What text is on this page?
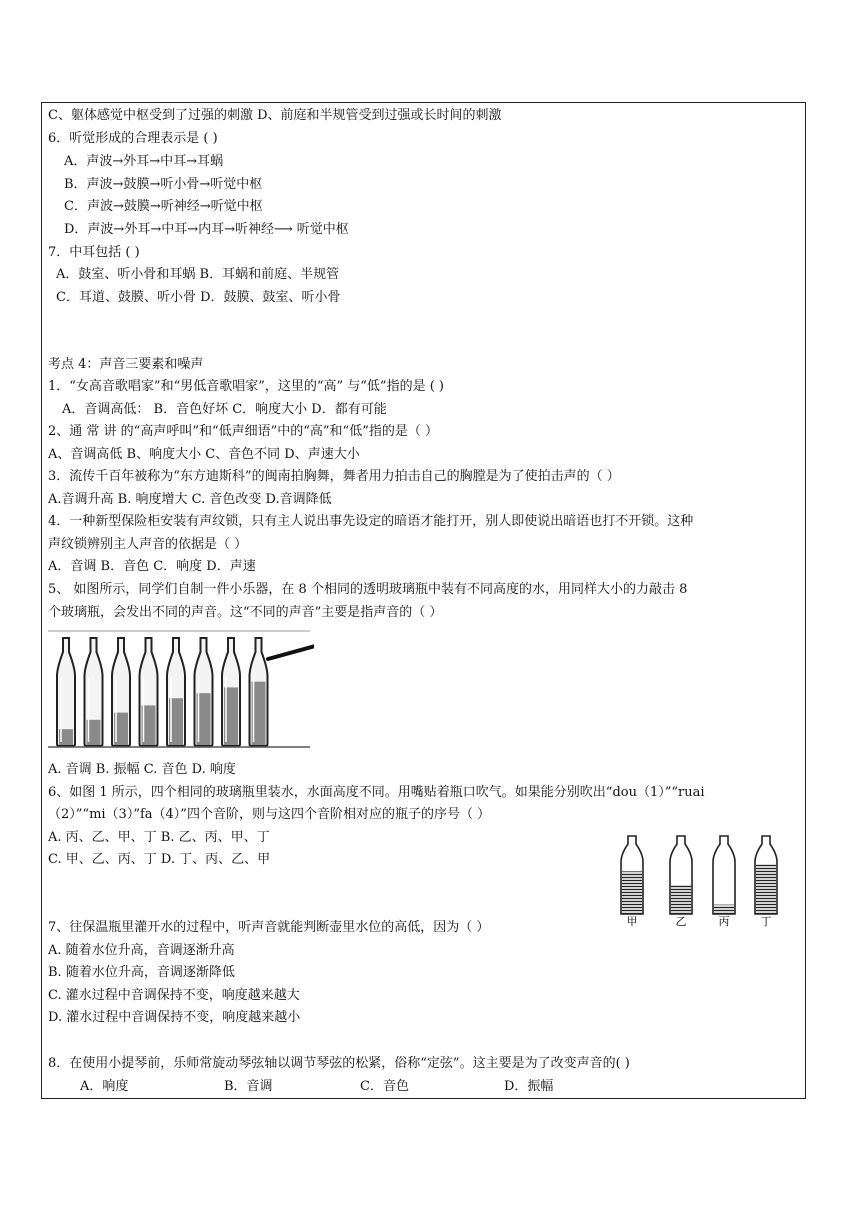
C、躯体感觉中枢受到了过强的刺激 D、前庭和半规管受到过强或长时间的刺激
6．听觉形成的合理表示是 ( )
A．声波→外耳→中耳→耳蜗
B．声波→鼓膜→听小骨→听觉中枢
C．声波→鼓膜→听神经→听觉中枢
D．声波→外耳→中耳→内耳→听神经⟶ 听觉中枢
7．中耳包括 ( )
A．鼓室、听小骨和耳蜗 B．耳蜗和前庭、半规管
C．耳道、鼓膜、听小骨 D．鼓膜、鼓室、听小骨
考点 4：声音三要素和噪声
1．“女高音歌唱家”和“男低音歌唱家”，这里的“高” 与“低”指的是 ( )
A．音调高低： B．音色好坏 C．响度大小 D．都有可能
2、通 常 讲 的“高声呼叫”和“低声细语”中的“高”和“低”指的是（ ）
A、音调高低 B、响度大小 C、音色不同 D、声速大小
3．流传千百年被称为“东方迪斯科”的闽南拍胸舞，舞者用力拍击自己的胸膛是为了使拍击声的（ ）
A.音调升高 B. 响度增大 C. 音色改变 D.音调降低
4．一种新型保险柜安装有声纹锁，只有主人说出事先设定的暗语才能打开，别人即使说出暗语也打不开锁。这种
声纹锁辨别主人声音的依据是（ ）
A．音调 B．音色 C．响度 D．声速
5、 如图所示，同学们自制一件小乐器，在 8 个相同的透明玻璃瓶中装有不同高度的水，用同样大小的力敲击 8
个玻璃瓶，会发出不同的声音。这“不同的声音”主要是指声音的（ ）
A. 音调 B. 振幅 C. 音色 D. 响度
6、如图 1 所示，四个相同的玻璃瓶里装水，水面高度不同。用嘴贴着瓶口吹气。如果能分别吹出“dou（1）”“ruai
（2）”“mi（3）”fa（4）”四个音阶，则与这四个音阶相对应的瓶子的序号（ ）
A. 丙、乙、甲、丁 B. 乙、丙、甲、丁
C. 甲、乙、丙、丁 D. 丁、丙、乙、甲
甲	乙	丙	丁
7、往保温瓶里灌开水的过程中，听声音就能判断壶里水位的高低，因为（ ）
A. 随着水位升高，音调逐渐升高
B. 随着水位升高，音调逐渐降低
C. 灌水过程中音调保持不变，响度越来越大
D. 灌水过程中音调保持不变，响度越来越小
8．在使用小提琴前，乐师常旋动琴弦轴以调节琴弦的松紧，俗称“定弦”。这主要是为了改变声音的( )
A．响度	B．音调	C．音色	D．振幅
